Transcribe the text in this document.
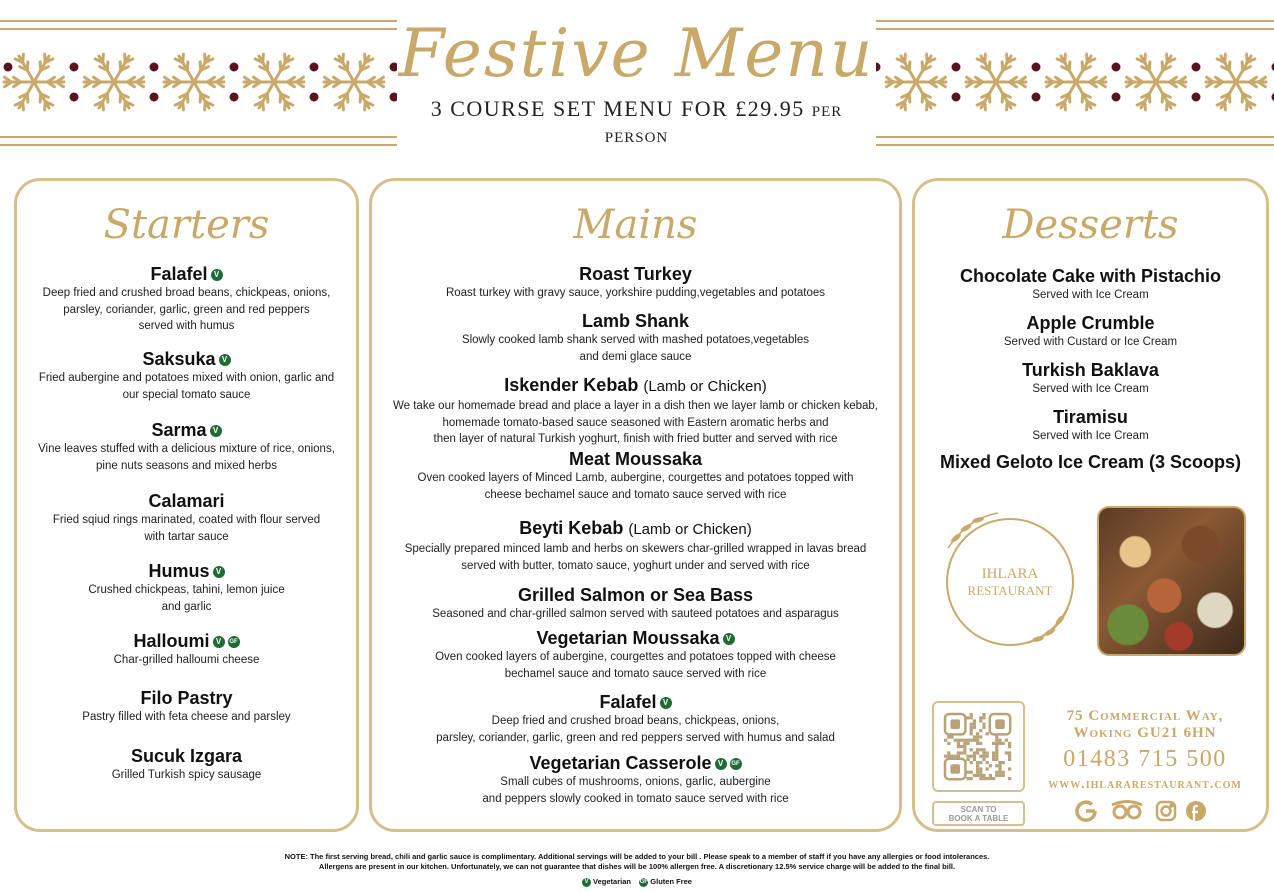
Festive Menu
3 COURSE SET MENU FOR £29.95 PER PERSON
Starters
Falafel V
Deep fried and crushed broad beans, chickpeas, onions,
parsley, coriander, garlic, green and red peppers
served with humus
Saksuka V
Fried aubergine and potatoes mixed with onion, garlic and
our special tomato sauce
Sarma V
Vine leaves stuffed with a delicious mixture of rice, onions,
pine nuts seasons and mixed herbs
Calamari
Fried sqiud rings marinated, coated with flour served
with tartar sauce
Humus V
Crushed chickpeas, tahini, lemon juice
and garlic
Halloumi V GF
Char-grilled halloumi cheese
Filo Pastry
Pastry filled with feta cheese and parsley
Sucuk Izgara
Grilled Turkish spicy sausage
Mains
Roast Turkey
Roast turkey with gravy sauce, yorkshire pudding,vegetables and potatoes
Lamb Shank
Slowly cooked lamb shank served with mashed potatoes,vegetables
and demi glace sauce
Iskender Kebab (Lamb or Chicken)
We take our homemade bread and place a layer in a dish then we layer lamb or chicken kebab,
homemade tomato-based sauce seasoned with Eastern aromatic herbs and
then layer of natural Turkish yoghurt, finish with fried butter and served with rice
Meat Moussaka
Oven cooked layers of Minced Lamb, aubergine, courgettes and potatoes topped with
cheese bechamel sauce and tomato sauce served with rice
Beyti Kebab (Lamb or Chicken)
Specially prepared minced lamb and herbs on skewers char-grilled wrapped in lavas bread
served with butter, tomato sauce, yoghurt under and served with rice
Grilled Salmon or Sea Bass
Seasoned and char-grilled salmon served with sauteed potatoes and asparagus
Vegetarian Moussaka V
Oven cooked layers of aubergine, courgettes and potatoes topped with cheese
bechamel sauce and tomato sauce served with rice
Falafel V
Deep fried and crushed broad beans, chickpeas, onions,
parsley, coriander, garlic, green and red peppers served with humus and salad
Vegetarian Casserole V GF
Small cubes of mushrooms, onions, garlic, aubergine
and peppers slowly cooked in tomato sauce served with rice
Desserts
Chocolate Cake with Pistachio
Served with Ice Cream
Apple Crumble
Served with Custard or Ice Cream
Turkish Baklava
Served with Ice Cream
Tiramisu
Served with Ice Cream
Mixed Geloto Ice Cream (3 Scoops)
IHLARA
RESTAURANT
SCAN TO
BOOK A TABLE
75 Commercial Way,
Woking GU21 6HN
01483 715 500
www.ihlararestaurant.com
NOTE: The first serving bread, chili and garlic sauce is complimentary. Additional servings will be added to your bill . Please speak to a member of staff if you have any allergies or food intolerances.
Allergens are present in our kitchen. Unfortunately, we can not guarantee that dishes will be 100% allergen free. A discretionary 12.5% service charge will be added to the final bill.
V Vegetarian GF Gluten Free
